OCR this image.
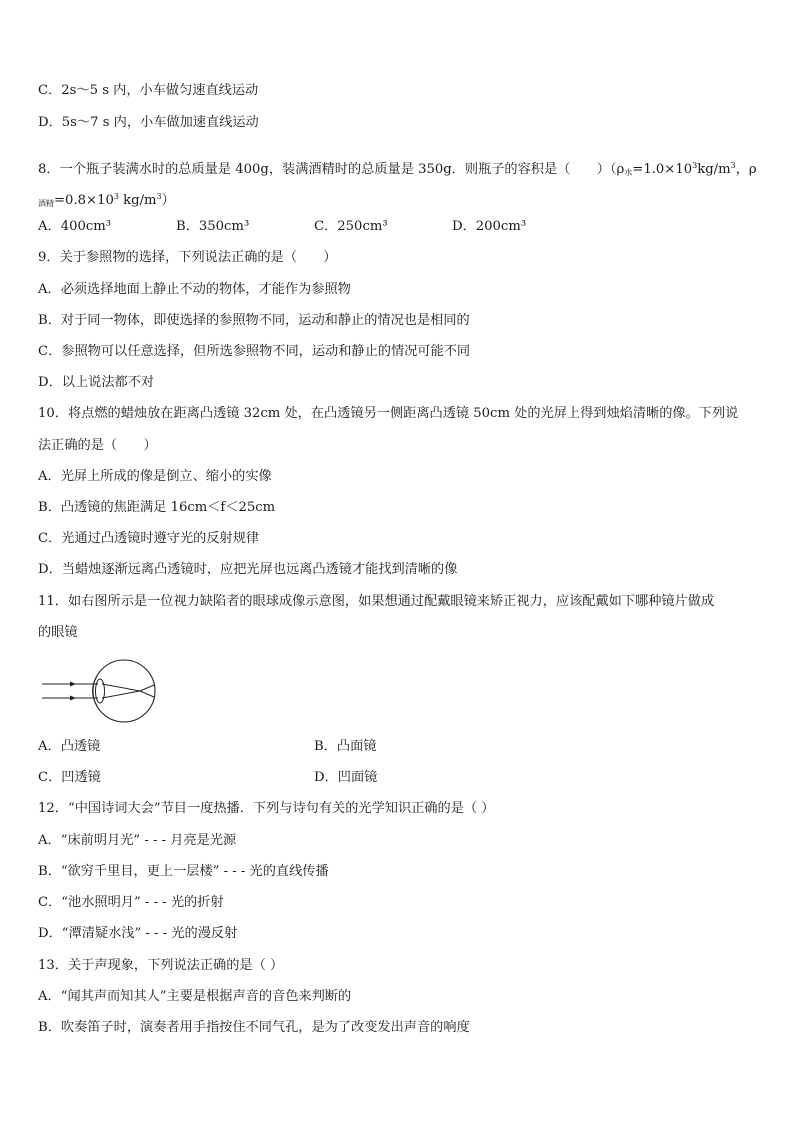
C．2s～5 s 内，小车做匀速直线运动
D．5s～7 s 内，小车做加速直线运动
8．一个瓶子装满水时的总质量是 400g，装满酒精时的总质量是 350g．则瓶子的容积是（　　）（$\rho_水=1.0\times 10^3kg/m^3$，ρ
$_{酒精}=0.8\times 10^3$ $kg/m^3$）
A．400cm³	B．350cm³	C．250cm³	D．200cm³
9．关于参照物的选择，下列说法正确的是（　　）
A．必须选择地面上静止不动的物体，才能作为参照物
B．对于同一物体，即使选择的参照物不同，运动和静止的情况也是相同的
C．参照物可以任意选择，但所选参照物不同，运动和静止的情况可能不同
D．以上说法都不对
10．将点燃的蜡烛放在距离凸透镜 32cm 处，在凸透镜另一侧距离凸透镜 50cm 处的光屏上得到烛焰清晰的像。下列说
法正确的是（　　）
A．光屏上所成的像是倒立、缩小的实像
B．凸透镜的焦距满足 16cm＜f＜25cm
C．光通过凸透镜时遵守光的反射规律
D．当蜡烛逐渐远离凸透镜时，应把光屏也远离凸透镜才能找到清晰的像
11．如右图所示是一位视力缺陷者的眼球成像示意图，如果想通过配戴眼镜来矫正视力，应该配戴如下哪种镜片做成
的眼镜
A．凸透镜	B．凸面镜
C．凹透镜	D．凹面镜
12．“中国诗词大会”节目一度热播．下列与诗句有关的光学知识正确的是（ ）
A．“床前明月光” - - - 月亮是光源
B．“欲穷千里目，更上一层楼” - - - 光的直线传播
C．“池水照明月” - - - 光的折射
D．“潭清疑水浅” - - - 光的漫反射
13．关于声现象，下列说法正确的是（ ）
A．“闻其声而知其人”主要是根据声音的音色来判断的
B．吹奏笛子时，演奏者用手指按住不同气孔，是为了改变发出声音的响度
